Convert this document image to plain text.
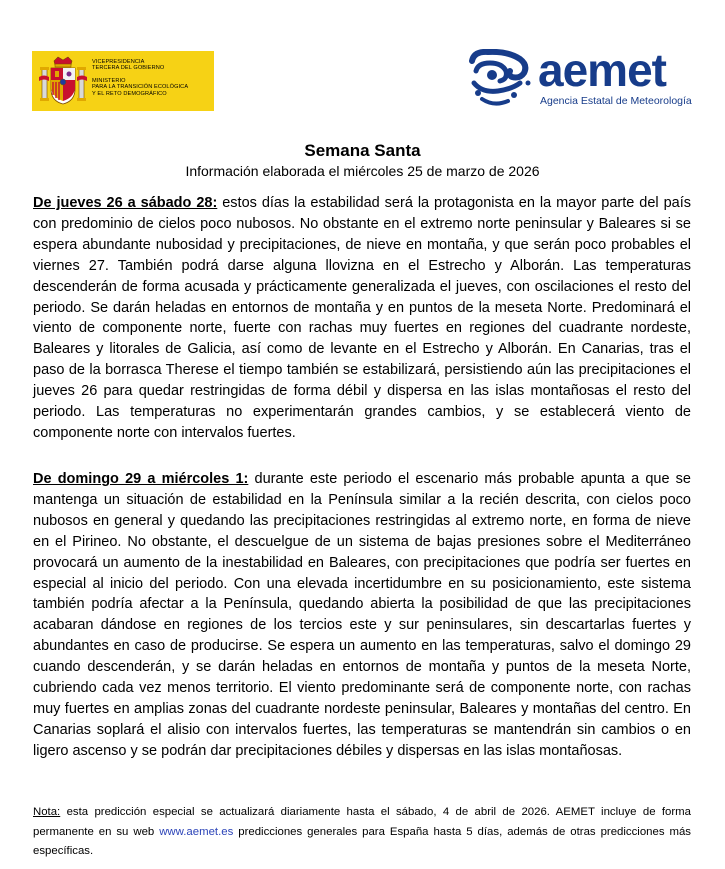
VICEPRESIDENCIA
TERCERA DEL GOBIERNO
MINISTERIO
PARA LA TRANSICIÓN ECOLÓGICA
Y EL RETO DEMOGRÁFICO	aemet
Agencia Estatal de Meteorología
Semana Santa
Información elaborada el miércoles 25 de marzo de 2026
De jueves 26 a sábado 28: estos días la estabilidad será la protagonista en la mayor parte del país con predominio de cielos poco nubosos. No obstante en el extremo norte peninsular y Baleares si se espera abundante nubosidad y precipitaciones, de nieve en montaña, y que serán poco probables el viernes 27. También podrá darse alguna llovizna en el Estrecho y Alborán. Las temperaturas descenderán de forma acusada y prácticamente generalizada el jueves, con oscilaciones el resto del periodo. Se darán heladas en entornos de montaña y en puntos de la meseta Norte. Predominará el viento de componente norte, fuerte con rachas muy fuertes en regiones del cuadrante nordeste, Baleares y litorales de Galicia, así como de levante en el Estrecho y Alborán. En Canarias, tras el paso de la borrasca Therese el tiempo también se estabilizará, persistiendo aún las precipitaciones el jueves 26 para quedar restringidas de forma débil y dispersa en las islas montañosas el resto del periodo. Las temperaturas no experimentarán grandes cambios, y se establecerá viento de componente norte con intervalos fuertes.
De domingo 29 a miércoles 1: durante este periodo el escenario más probable apunta a que se mantenga un situación de estabilidad en la Península similar a la recién descrita, con cielos poco nubosos en general y quedando las precipitaciones restringidas al extremo norte, en forma de nieve en el Pirineo. No obstante, el descuelgue de un sistema de bajas presiones sobre el Mediterráneo provocará un aumento de la inestabilidad en Baleares, con precipitaciones que podría ser fuertes en especial al inicio del periodo. Con una elevada incertidumbre en su posicionamiento, este sistema también podría afectar a la Península, quedando abierta la posibilidad de que las precipitaciones acabaran dándose en regiones de los tercios este y sur peninsulares, sin descartarlas fuertes y abundantes en caso de producirse. Se espera un aumento en las temperaturas, salvo el domingo 29 cuando descenderán, y se darán heladas en entornos de montaña y puntos de la meseta Norte, cubriendo cada vez menos territorio. El viento predominante será de componente norte, con rachas muy fuertes en amplias zonas del cuadrante nordeste peninsular, Baleares y montañas del centro. En Canarias soplará el alisio con intervalos fuertes, las temperaturas se mantendrán sin cambios o en ligero ascenso y se podrán dar precipitaciones débiles y dispersas en las islas montañosas.
Nota: esta predicción especial se actualizará diariamente hasta el sábado, 4 de abril de 2026. AEMET incluye de forma permanente en su web www.aemet.es predicciones generales para España hasta 5 días, además de otras predicciones más específicas.
